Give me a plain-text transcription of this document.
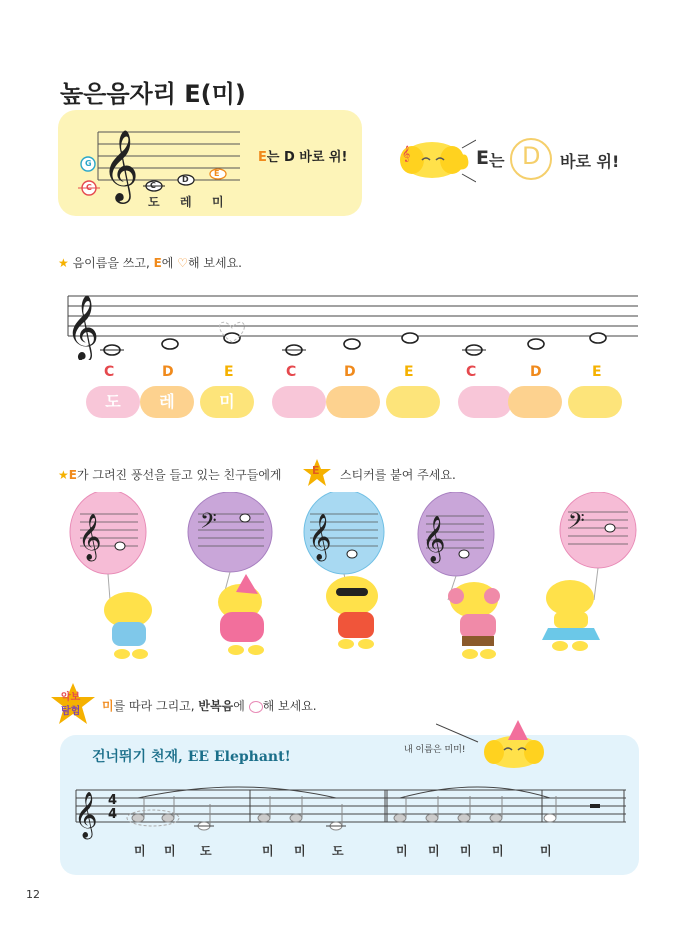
높은음자리 E(미)
𝄞
G
C	C
D
E
도 레 미
E는 D 바로 위!	𝄞	E 는 D 바로 위!
★ 음이름을 쓰고, E에 ♡해 보세요.
𝄞
C	D	E	C	D	E	C	D	E
도	레	미
★E가 그려진 풍선을 들고 있는 친구들에게	E 스티커를 붙여 주세요.
𝄞	𝄢 𝄞 𝄞	𝄢
악보
탐험 미를 따라 그리고, 반복음에 해 보세요.
건너뛰기 천재, EE Elephant!	내 이름은 미미!
𝄞 4
4
미 미 도	미 미 도	미 미 미 미	미
12
